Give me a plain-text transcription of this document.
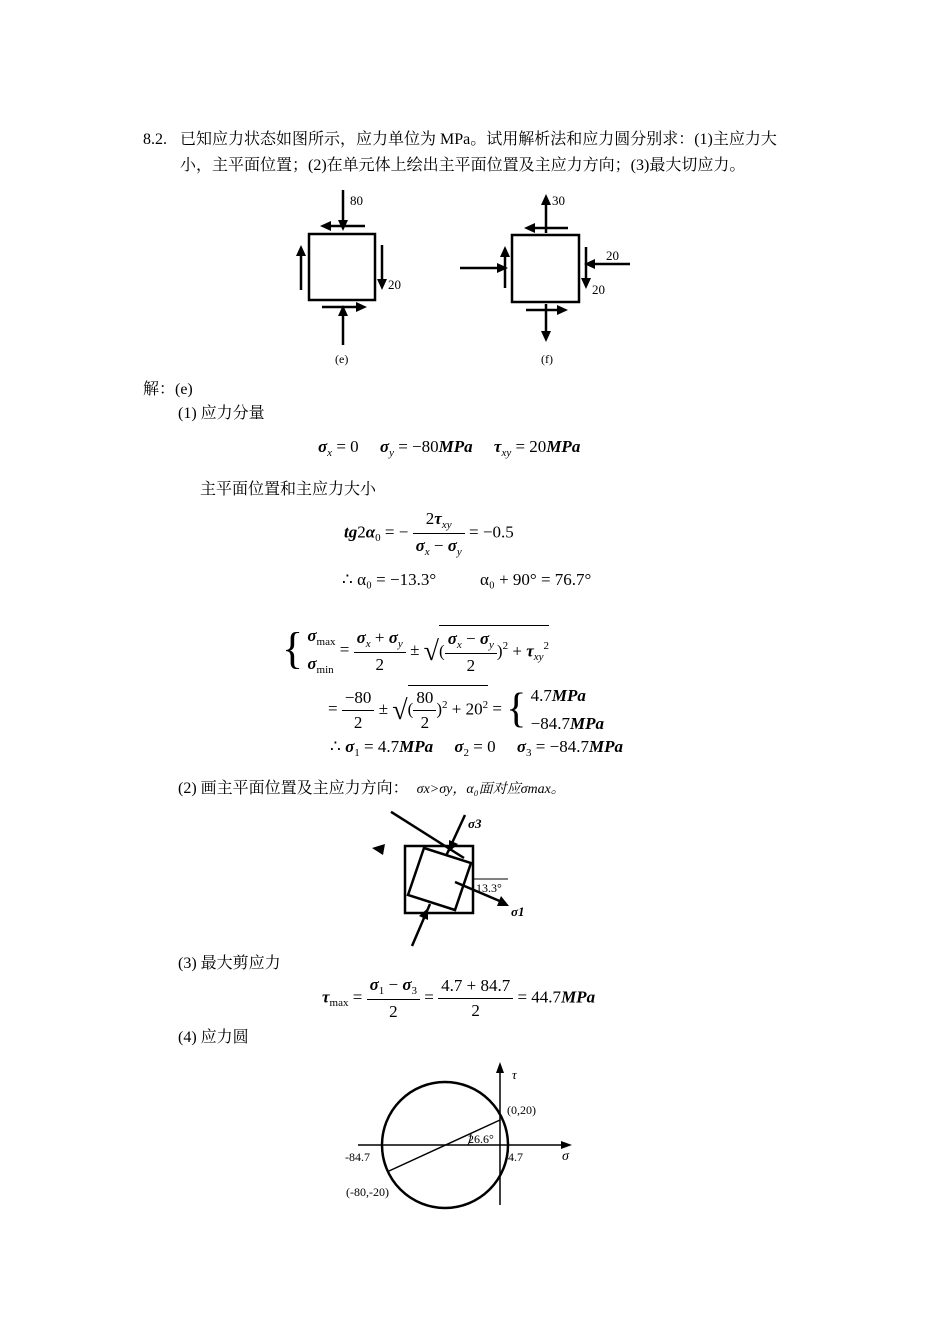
8.2. 已知应力状态如图所示，应力单位为 MPa。试用解析法和应力圆分别求：(1)主应力大
小，主平面位置；(2)在单元体上绘出主平面位置及主应力方向；(3)最大切应力。
80
20
(e)
30
20
20
(f)
解：(e)
(1) 应力分量
$\sigma_x = 0$ $\sigma_y = -80MPa$ $\tau_{xy} = 20MPa$
主平面位置和主应力大小
$tg2\alpha_0$ = − $\frac{2\tau_{xy}}{\sigma_x - \sigma_y} = -0.5$
∴ α₀ = −13.3°	α₀ + 90° = 76.7°
{ $\sigma_{max}$
$\sigma_{min} = \frac{\sigma_x + \sigma_y}{2}$ ± √( $\frac{\sigma_x - \sigma_y}{2} )^2 + \tau_{xy}^2$
= $\frac{-80}{2}$ ± √( $\frac{80}{2} )^2 + 20^2$ = { 4.7MPa
−84.7MPa
∴ $\sigma_1 = 4.7MPa$ $\sigma_2 = 0$ $\sigma_3 = -84.7MPa$
(2) 画主平面位置及主应力方向： σx>σy，α₀面对应σmax。
13.3°
σ3
σ1
(3) 最大剪应力
$\tau_{max} = \frac{\sigma_1 - \sigma_3}{2} = \frac{4.7 + 84.7}{2} = 44.7MPa$
(4) 应力圆
τ
σ
(0,20)
(-80,-20)
-84.7	4.7
26.6°
